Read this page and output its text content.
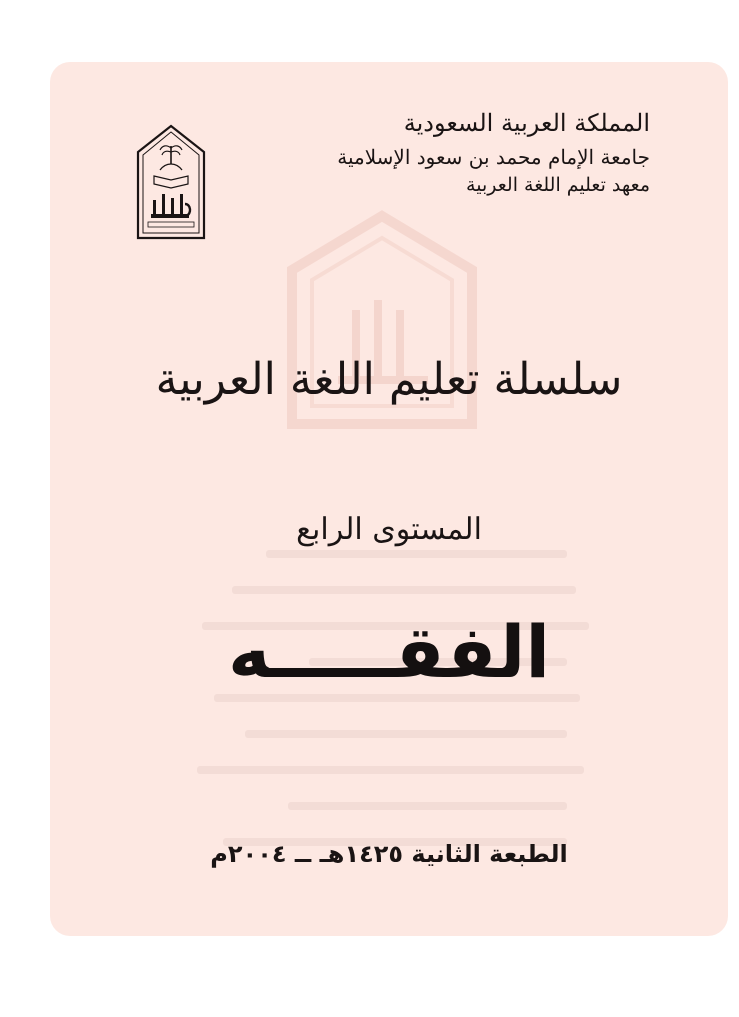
المملكة العربية السعودية
جامعة الإمام محمد بن سعود الإسلامية
معهد تعليم اللغة العربية
سلسلة تعليم اللغة العربية
المستوى الرابع
الفقـــــه
الطبعة الثانية ١٤٢٥هـ ــ ٢٠٠٤م
